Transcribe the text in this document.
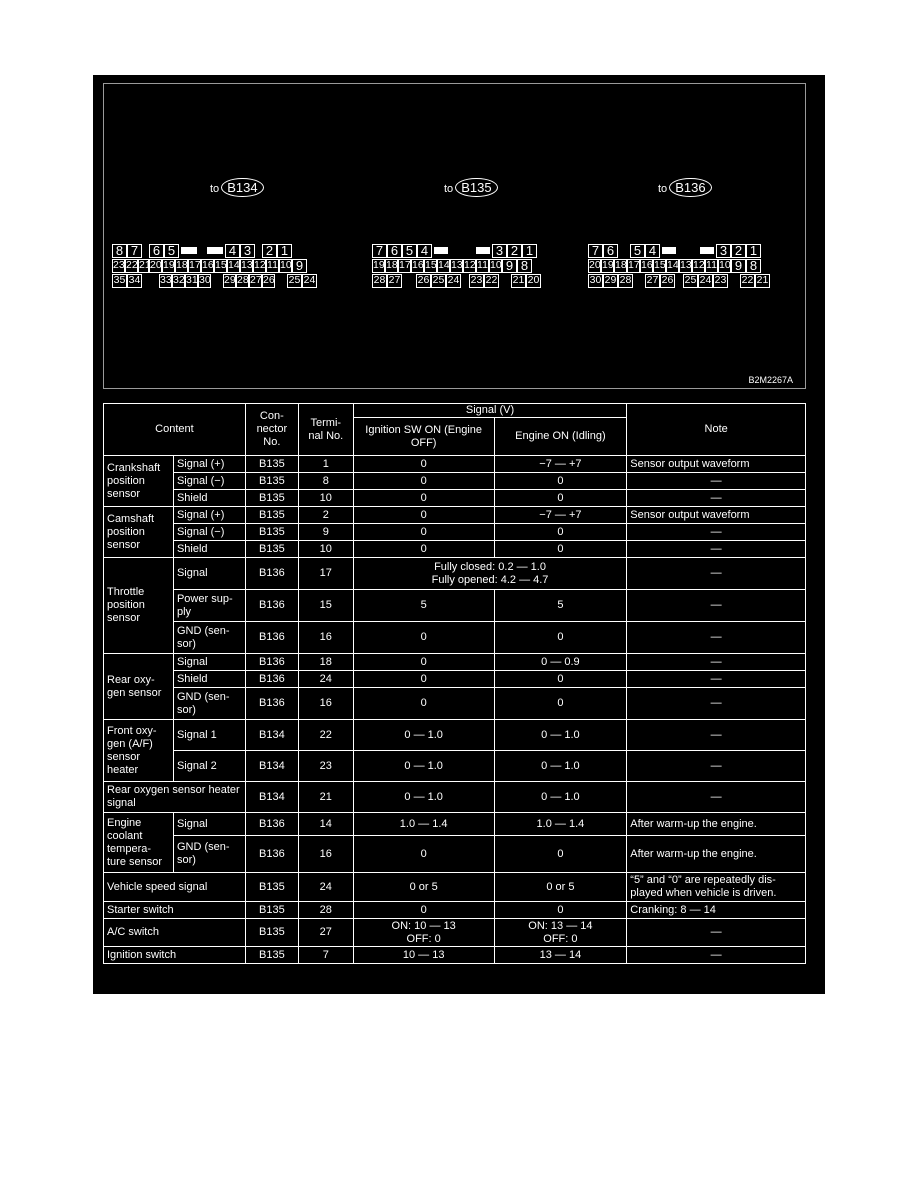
to B134
8 7 6 5	4 3 2 1
23 22 21 20 19 18 17 16 15 14 13 12 11 10 9
35 34 33 32 31 30 29 28 27 26 25 24
to B135
7 6 5 4	3 2 1
19 18 17 16 15 14 13 12 11 10 9 8
28 27 26 25 24 23 22 21 20
to B136
7 6 5 4	3 2 1
20 19 18 17 16 15 14 13 12 11 10 9 8
30 29 28 27 26 25 24 23 22 21
B2M2267A
Content		Con- nector No.	Termi- nal No.	Signal (V)		Note
				Ignition SW ON (Engine OFF)	Engine ON (Idling)	
Crankshaft position sensor	Signal (+)	B135	1	0	−7 — +7	Sensor output waveform
	Signal (−)	B135	8	0	0	—
	Shield	B135	10	0	0	—
Camshaft position sensor	Signal (+)	B135	2	0	−7 — +7	Sensor output waveform
	Signal (−)	B135	9	0	0	—
	Shield	B135	10	0	0	—
Throttle position sensor	Signal	B136	17	Fully closed: 0.2 — 1.0
Fully opened: 4.2 — 4.7		—
	Power sup- ply	B136	15	5	5	—
	GND (sen- sor)	B136	16	0	0	—
Rear oxy- gen sensor	Signal	B136	18	0	0 — 0.9	—
	Shield	B136	24	0	0	—
	GND (sen- sor)	B136	16	0	0	—
Front oxy- gen (A/F) sensor heater	Signal 1	B134	22	0 — 1.0	0 — 1.0	—
	Signal 2	B134	23	0 — 1.0	0 — 1.0	—
Rear oxygen sensor heater signal		B134	21	0 — 1.0	0 — 1.0	—
Engine coolant tempera- ture sensor	Signal	B136	14	1.0 — 1.4	1.0 — 1.4	After warm-up the engine.
	GND (sen- sor)	B136	16	0	0	After warm-up the engine.
Vehicle speed signal		B135	24	0 or 5	0 or 5	“5” and “0” are repeatedly dis- played when vehicle is driven.
Starter switch		B135	28	0	0	Cranking: 8 — 14
A/C switch		B135	27	ON: 10 — 13
OFF: 0	ON: 13 — 14
OFF: 0	—
Ignition switch		B135	7	10 — 13	13 — 14	—
